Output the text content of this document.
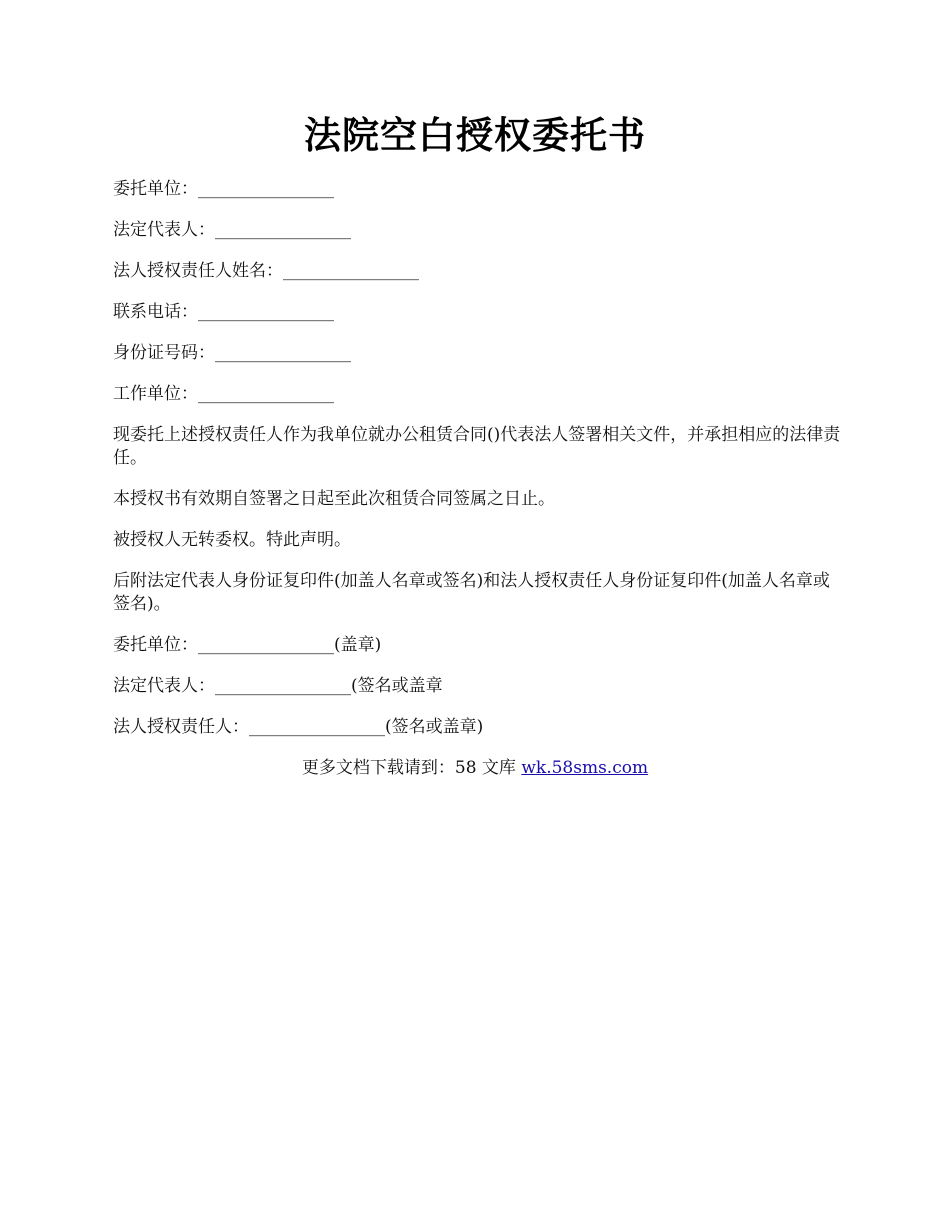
法院空白授权委托书

委托单位：________________

法定代表人：________________

法人授权责任人姓名：________________

联系电话：________________

身份证号码：________________

工作单位：________________

现委托上述授权责任人作为我单位就办公租赁合同()代表法人签署相关文件，并承担相应的法律责任。

本授权书有效期自签署之日起至此次租赁合同签属之日止。

被授权人无转委权。特此声明。

后附法定代表人身份证复印件(加盖人名章或签名)和法人授权责任人身份证复印件(加盖人名章或签名)。

委托单位：________________(盖章)

法定代表人：________________(签名或盖章

法人授权责任人：________________(签名或盖章)

更多文档下载请到：58 文库 wk.58sms.com
